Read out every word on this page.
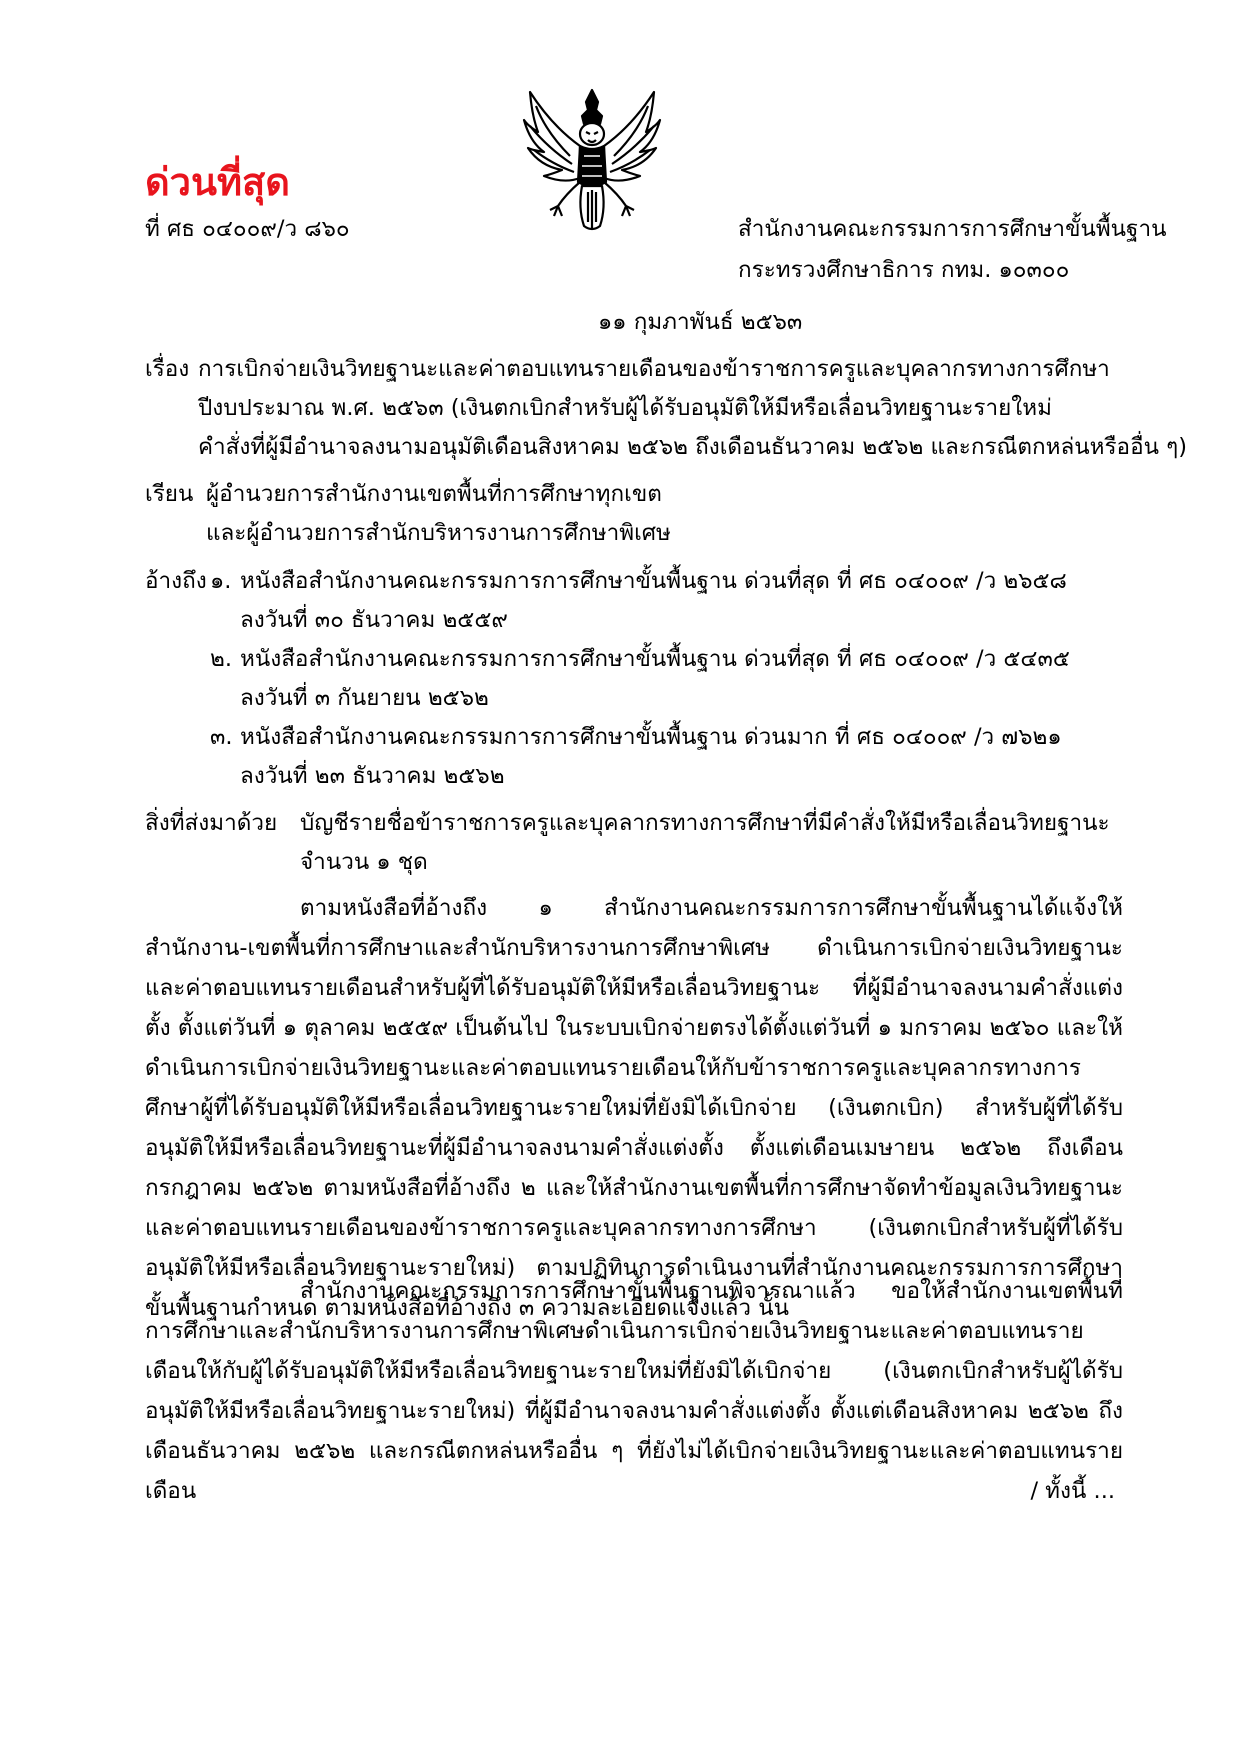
ด่วนที่สุด
ที่ ศธ ๐๔๐๐๙/ว ๘๖๐	สำนักงานคณะกรรมการการศึกษาขั้นพื้นฐาน
กระทรวงศึกษาธิการ กทม. ๑๐๓๐๐
๑๑ กุมภาพันธ์ ๒๕๖๓
เรื่อง การเบิกจ่ายเงินวิทยฐานะและค่าตอบแทนรายเดือนของข้าราชการครูและบุคลากรทางการศึกษา
ปีงบประมาณ พ.ศ. ๒๕๖๓ (เงินตกเบิกสำหรับผู้ได้รับอนุมัติให้มีหรือเลื่อนวิทยฐานะรายใหม่
คำสั่งที่ผู้มีอำนาจลงนามอนุมัติเดือนสิงหาคม ๒๕๖๒ ถึงเดือนธันวาคม ๒๕๖๒ และกรณีตกหล่นหรืออื่น ๆ)
เรียน ผู้อำนวยการสำนักงานเขตพื้นที่การศึกษาทุกเขต
และผู้อำนวยการสำนักบริหารงานการศึกษาพิเศษ
อ้างถึง ๑. หนังสือสำนักงานคณะกรรมการการศึกษาขั้นพื้นฐาน ด่วนที่สุด ที่ ศธ ๐๔๐๐๙ /ว ๒๖๕๘
ลงวันที่ ๓๐ ธันวาคม ๒๕๕๙
๒. หนังสือสำนักงานคณะกรรมการการศึกษาขั้นพื้นฐาน ด่วนที่สุด ที่ ศธ ๐๔๐๐๙ /ว ๕๔๓๕
ลงวันที่ ๓ กันยายน ๒๕๖๒
๓. หนังสือสำนักงานคณะกรรมการการศึกษาขั้นพื้นฐาน ด่วนมาก ที่ ศธ ๐๔๐๐๙ /ว ๗๖๒๑
ลงวันที่ ๒๓ ธันวาคม ๒๕๖๒
สิ่งที่ส่งมาด้วย บัญชีรายชื่อข้าราชการครูและบุคลากรทางการศึกษาที่มีคำสั่งให้มีหรือเลื่อนวิทยฐานะ
จำนวน ๑ ชุด
ตามหนังสือที่อ้างถึง ๑ สำนักงานคณะกรรมการการศึกษาขั้นพื้นฐานได้แจ้งให้สำนักงาน-เขตพื้นที่การศึกษาและสำนักบริหารงานการศึกษาพิเศษ ดำเนินการเบิกจ่ายเงินวิทยฐานะและค่าตอบแทนรายเดือนสำหรับผู้ที่ได้รับอนุมัติให้มีหรือเลื่อนวิทยฐานะ ที่ผู้มีอำนาจลงนามคำสั่งแต่งตั้ง ตั้งแต่วันที่ ๑ ตุลาคม ๒๕๕๙ เป็นต้นไป ในระบบเบิกจ่ายตรงได้ตั้งแต่วันที่ ๑ มกราคม ๒๕๖๐ และให้ดำเนินการเบิกจ่ายเงินวิทยฐานะและค่าตอบแทนรายเดือนให้กับข้าราชการครูและบุคลากรทางการศึกษาผู้ที่ได้รับอนุมัติให้มีหรือเลื่อนวิทยฐานะรายใหม่ที่ยังมิได้เบิกจ่าย (เงินตกเบิก) สำหรับผู้ที่ได้รับอนุมัติให้มีหรือเลื่อนวิทยฐานะที่ผู้มีอำนาจลงนามคำสั่งแต่งตั้ง ตั้งแต่เดือนเมษายน ๒๕๖๒ ถึงเดือนกรกฎาคม ๒๕๖๒ ตามหนังสือที่อ้างถึง ๒ และให้สำนักงานเขตพื้นที่การศึกษาจัดทำข้อมูลเงินวิทยฐานะและค่าตอบแทนรายเดือนของข้าราชการครูและบุคลากรทางการศึกษา (เงินตกเบิกสำหรับผู้ที่ได้รับอนุมัติให้มีหรือเลื่อนวิทยฐานะรายใหม่) ตามปฏิทินการดำเนินงานที่สำนักงานคณะกรรมการการศึกษาขั้นพื้นฐานกำหนด ตามหนังสือที่อ้างถึง ๓ ความละเอียดแจ้งแล้ว นั้น
สำนักงานคณะกรรมการการศึกษาขั้นพื้นฐานพิจารณาแล้ว ขอให้สำนักงานเขตพื้นที่การศึกษาและสำนักบริหารงานการศึกษาพิเศษดำเนินการเบิกจ่ายเงินวิทยฐานะและค่าตอบแทนรายเดือนให้กับผู้ได้รับอนุมัติให้มีหรือเลื่อนวิทยฐานะรายใหม่ที่ยังมิได้เบิกจ่าย (เงินตกเบิกสำหรับผู้ได้รับอนุมัติให้มีหรือเลื่อนวิทยฐานะรายใหม่) ที่ผู้มีอำนาจลงนามคำสั่งแต่งตั้ง ตั้งแต่เดือนสิงหาคม ๒๕๖๒ ถึงเดือนธันวาคม ๒๕๖๒ และกรณีตกหล่นหรืออื่น ๆ ที่ยังไม่ได้เบิกจ่ายเงินวิทยฐานะและค่าตอบแทนรายเดือน	/ ทั้งนี้ ...
